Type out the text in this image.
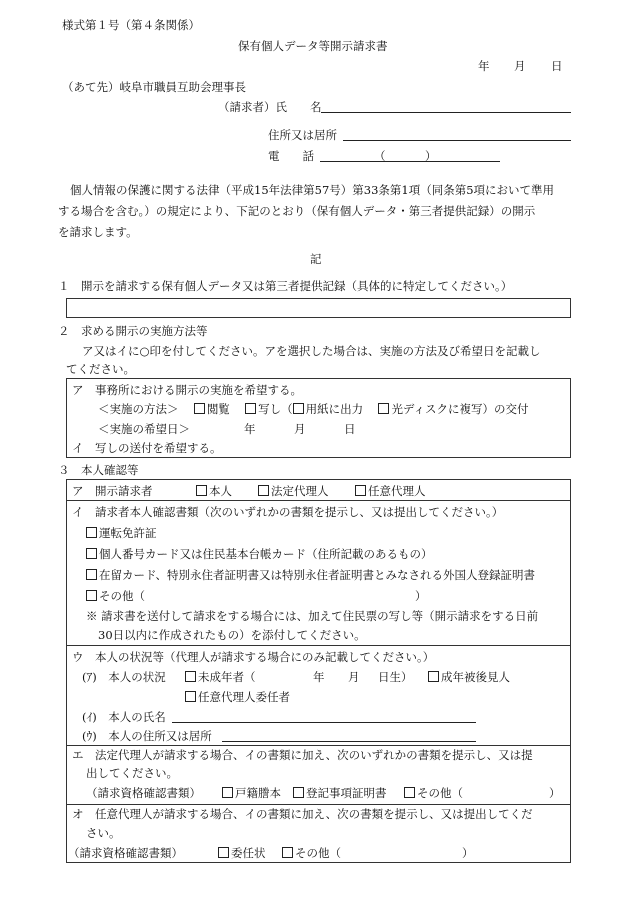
様式第１号（第４条関係）
保有個人データ等開示請求書
年 月 日
（あて先）岐阜市職員互助会理事長
（請求者）氏　　名
住所又は居所
電　　話	（	）
個人情報の保護に関する法律（平成15年法律第57号）第33条第1項（同条第5項において準用
する場合を含む。）の規定により、下記のとおり（保有個人データ・第三者提供記録）の開示
を請求します。
記
１　開示を請求する保有個人データ又は第三者提供記録（具体的に特定してください。）
２　求める開示の実施方法等
ア又はイに○印を付してください。アを選択した場合は、実施の方法及び希望日を記載し
てください。
ア　事務所における開示の実施を希望する。
＜実施の方法＞ 閲覧 写し（ 用紙に出力 光ディスクに複写）の交付
＜実施の希望日＞	年	月	日
イ　写しの送付を希望する。
３　本人確認等
ア　開示請求者	本人	法定代理人	任意代理人
イ　請求者本人確認書類（次のいずれかの書類を提示し、又は提出してください。）
運転免許証
個人番号カード又は住民基本台帳カード（住所記載のあるもの）
在留カード、特別永住者証明書又は特別永住者証明書とみなされる外国人登録証明書
その他（	）
※ 請求書を送付して請求をする場合には、加えて住民票の写し等（開示請求をする日前
30日以内に作成されたもの）を添付してください。
ウ　本人の状況等（代理人が請求する場合にのみ記載してください。）
(ｱ)　本人の状況	未成年者（	年 月 日生）	成年被後見人
任意代理人委任者
(ｲ)　本人の氏名
(ｳ)　本人の住所又は居所
エ　法定代理人が請求する場合、イの書類に加え、次のいずれかの書類を提示し、又は提
出してください。
（請求資格確認書類）	戸籍謄本	登記事項証明書	その他（	）
オ　任意代理人が請求する場合、イの書類に加え、次の書類を提示し、又は提出してくだ
さい。
（請求資格確認書類）	委任状	その他（	）
